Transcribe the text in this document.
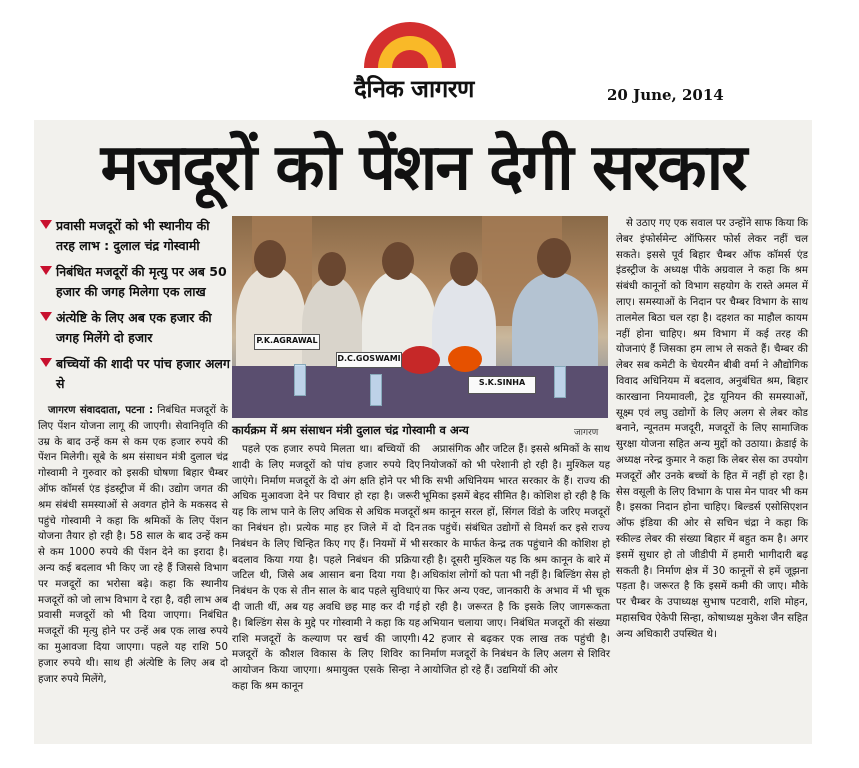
दैनिक जागरण	20 June, 2014
मजदूरों को पेंशन देगी सरकार
प्रवासी मजदूरों को भी स्थानीय की तरह लाभ : दुलाल चंद्र गोस्वामी
निबंधित मजदूरों की मृत्यु पर अब 50 हजार की जगह मिलेगा एक लाख
अंत्येष्टि के लिए अब एक हजार की जगह मिलेंगे दो हजार
बच्चियों की शादी पर पांच हजार अलग से
P.K.AGRAWAL
D.C.GOSWAMI
S.K.SINHA
कार्यक्रम में श्रम संसाधन मंत्री दुलाल चंद्र गोस्वामी व अन्य	जागरण

जागरण संवाददाता, पटना : निबंधित मजदूरों के लिए पेंशन योजना लागू की जाएगी। सेवानिवृति की उम्र के बाद उन्हें कम से कम एक हजार रुपये की पेंशन मिलेगी। सूबे के श्रम संसाधन मंत्री दुलाल चंद्र गोस्वामी ने गुरुवार को इसकी घोषणा बिहार चैम्बर ऑफ कॉमर्स एंड इंडस्ट्रीज में की। उद्योग जगत की श्रम संबंधी समस्याओं से अवगत होने के मकसद से पहुंचे गोस्वामी ने कहा कि श्रमिकों के लिए पेंशन योजना तैयार हो रही है। 58 साल के बाद उन्हें कम से कम 1000 रुपये की पेंशन देने का इरादा है। अन्य कई बदलाव भी किए जा रहे हैं जिससे विभाग पर मजदूरों का भरोसा बढ़े। कहा कि स्थानीय मजदूरों को जो लाभ विभाग दे रहा है, वही लाभ अब प्रवासी मजदूरों को भी दिया जाएगा। निबंधित मजदूरों की मृत्यु होने पर उन्हें अब एक लाख रुपये का मुआवजा दिया जाएगा। पहले यह राशि 50 हजार रुपये थी। साथ ही अंत्येष्टि के लिए अब दो हजार रुपये मिलेंगे,

पहले एक हजार रुपये मिलता था। बच्चियों की शादी के लिए मजदूरों को पांच हजार रुपये दिए जाएंगे। निर्माण मजदूरों के दो अंग क्षति होने पर भी अधिक मुआवजा देने पर विचार हो रहा है। जरूरी यह कि लाभ पाने के लिए अधिक से अधिक मजदूरों का निबंधन हो। प्रत्येक माह हर जिले में दो दिन निबंधन के लिए चिन्हित किए गए हैं। नियमों में भी बदलाव किया गया है। पहले निबंधन की प्रक्रिया जटिल थी, जिसे अब आसान बना दिया गया है। निबंधन के एक से तीन साल के बाद पहले सुविधाएं दी जाती थीं, अब यह अवधि छह माह कर दी गई है। बिल्डिंग सेस के मुद्दे पर गोस्वामी ने कहा कि यह राशि मजदूरों के कल्याण पर खर्च की जाएगी। मजदूरों के कौशल विकास के लिए शिविर का आयोजन किया जाएगा। श्रमायुक्त एसके सिन्हा ने कहा कि श्रम कानून

अप्रासंगिक और जटिल हैं। इससे श्रमिकों के साथ नियोजकों को भी परेशानी हो रही है। मुश्किल यह कि सभी अधिनियम भारत सरकार के हैं। राज्य की भूमिका इसमें बेहद सीमित है। कोशिश हो रही है कि श्रम कानून सरल हों, सिंगल विंडो के जरिए मजदूरों तक पहुंचें। संबंधित उद्योगों से विमर्श कर इसे राज्य सरकार के मार्फत केन्द्र तक पहुंचाने की कोशिश हो रही है। दूसरी मुश्किल यह कि श्रम कानून के बारे में अधिकांश लोगों को पता भी नहीं है। बिल्डिंग सेस हो या फिर अन्य एक्ट, जानकारी के अभाव में भी चूक हो रही है। जरूरत है कि इसके लिए जागरूकता अभियान चलाया जाए। निबंधित मजदूरों की संख्या 42 हजार से बढ़कर एक लाख तक पहुंची है। निर्माण मजदूरों के निबंधन के लिए अलग से शिविर आयोजित हो रहे हैं। उद्यमियों की ओर

से उठाए गए एक सवाल पर उन्होंने साफ किया कि लेबर इंफोर्समेन्ट ऑफिसर फोर्स लेकर नहीं चल सकते। इससे पूर्व बिहार चैम्बर ऑफ कॉमर्स एंड इंडस्ट्रीज के अध्यक्ष पीके अग्रवाल ने कहा कि श्रम संबंधी कानूनों को विभाग सहयोग के रास्ते अमल में लाए। समस्याओं के निदान पर चैम्बर विभाग के साथ तालमेल बिठा चल रहा है। दहशत का माहौल कायम नहीं होना चाहिए। श्रम विभाग में कई तरह की योजनाएं हैं जिसका हम लाभ ले सकते हैं। चैम्बर की लेबर सब कमेटी के चेयरमैन बीबी वर्मा ने औद्योगिक विवाद अधिनियम में बदलाव, अनुबंधित श्रम, बिहार कारखाना नियमावली, ट्रेड यूनियन की समस्याओं, सूक्ष्म एवं लघु उद्योगों के लिए अलग से लेबर कोड बनाने, न्यूनतम मजदूरी, मजदूरों के लिए सामाजिक सुरक्षा योजना सहित अन्य मुद्दों को उठाया। क्रेडाई के अध्यक्ष नरेन्द्र कुमार ने कहा कि लेबर सेस का उपयोग मजदूरों और उनके बच्चों के हित में नहीं हो रहा है। सेस वसूली के लिए विभाग के पास मेन पावर भी कम है। इसका निदान होना चाहिए। बिल्डर्स एसोसिएशन ऑफ इंडिया की ओर से सचिन चंद्रा ने कहा कि स्कील्ड लेबर की संख्या बिहार में बहुत कम है। अगर इसमें सुधार हो तो जीडीपी में हमारी भागीदारी बढ़ सकती है। निर्माण क्षेत्र में 30 कानूनों से हमें जूझना पड़ता है। जरूरत है कि इसमें कमी की जाए। मौके पर चैम्बर के उपाध्यक्ष सुभाष पटवारी, शशि मोहन, महासचिव ऐकेपी सिन्हा, कोषाध्यक्ष मुकेश जैन सहित अन्य अधिकारी उपस्थित थे।
